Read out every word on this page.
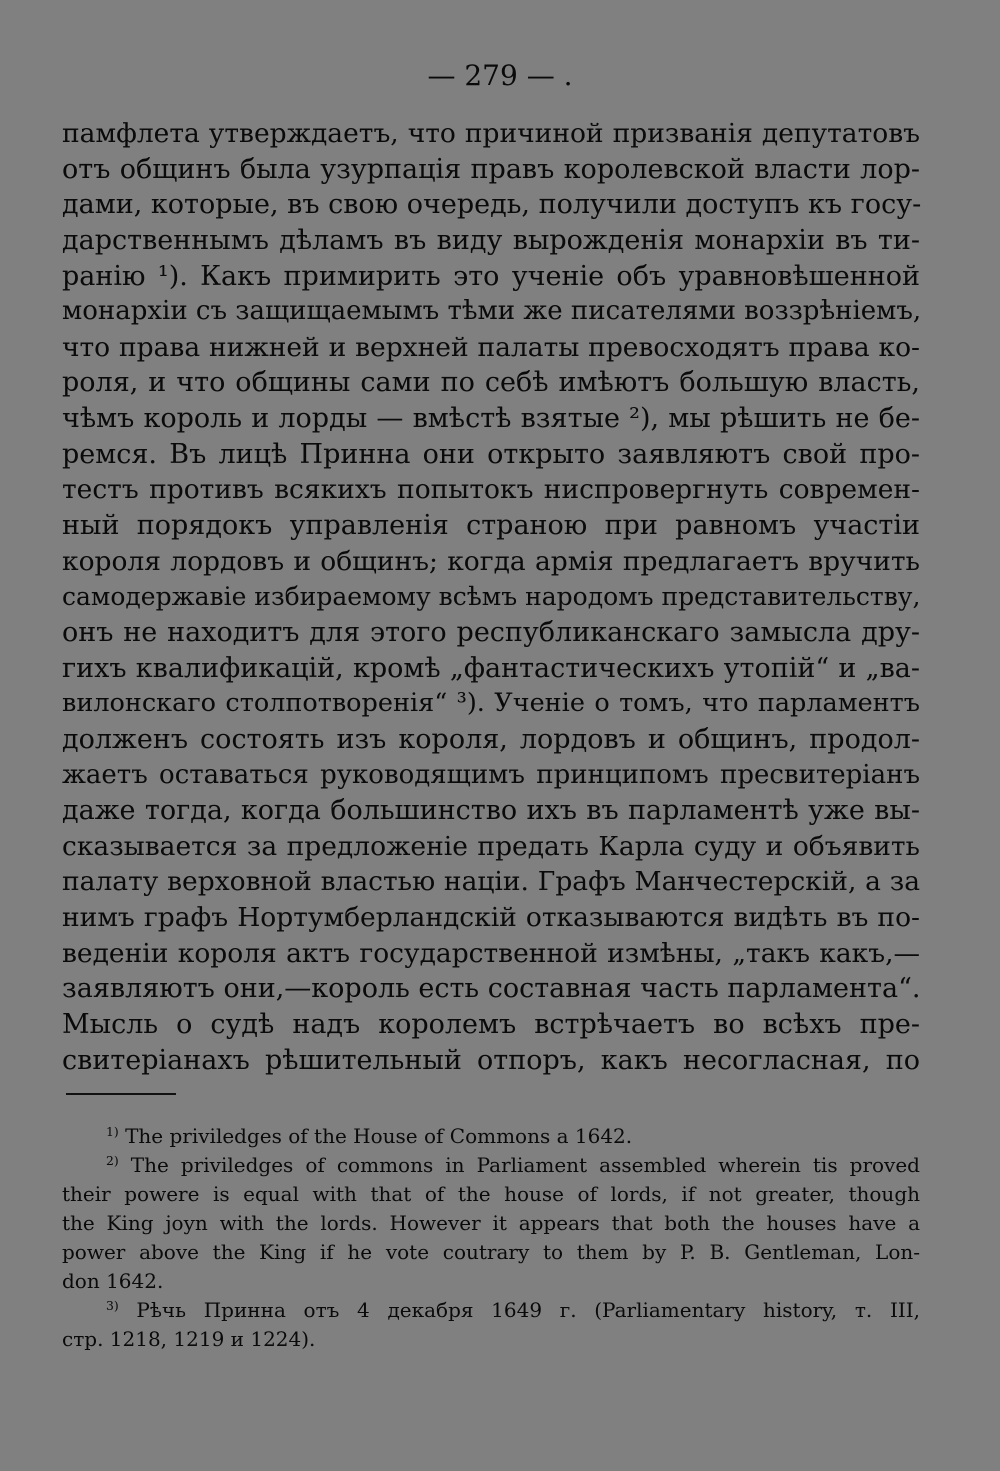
— 279 — .
памфлета утверждаетъ, что причиной призванія депутатовъ
отъ общинъ была узурпація правъ королевской власти лор-
дами, которые, въ свою очередь, получили доступъ къ госу-
дарственнымъ дѣламъ въ виду вырожденія монархіи въ ти-
ранію ¹). Какъ примирить это ученіе объ уравновѣшенной
монархіи съ защищаемымъ тѣми же писателями воззрѣніемъ,
что права нижней и верхней палаты превосходятъ права ко-
роля, и что общины сами по себѣ имѣютъ большую власть,
чѣмъ король и лорды — вмѣстѣ взятые ²), мы рѣшить не бе-
ремся. Въ лицѣ Принна они открыто заявляютъ свой про-
тестъ противъ всякихъ попытокъ ниспровергнуть современ-
ный порядокъ управленія страною при равномъ участіи
короля лордовъ и общинъ; когда армія предлагаетъ вручить
самодержавіе избираемому всѣмъ народомъ представительству,
онъ не находитъ для этого республиканскаго замысла дру-
гихъ квалификацій, кромѣ „фантастическихъ утопій“ и „ва-
вилонскаго столпотворенія“ ³). Ученіе о томъ, что парламентъ
долженъ состоять изъ короля, лордовъ и общинъ, продол-
жаетъ оставаться руководящимъ принципомъ пресвитеріанъ
даже тогда, когда большинство ихъ въ парламентѣ уже вы-
сказывается за предложеніе предать Карла суду и объявить
палату верховной властью націи. Графъ Манчестерскій, а за
нимъ графъ Нортумберландскій отказываются видѣть въ по-
веденіи короля актъ государственной измѣны, „такъ какъ,—
заявляютъ они,—король есть составная часть парламента“.
Мысль о судѣ надъ королемъ встрѣчаетъ во всѣхъ пре-
свитеріанахъ рѣшительный отпоръ, какъ несогласная, по
$^{1)}$ The priviledges of the House of Commons a 1642.
$^{2)}$ The priviledges of commons in Parliament assembled wherein tis proved
their powere is equal with that of the house of lords, if not greater, though
the King joyn with the lords. However it appears that both the houses have a
power above the King if he vote coutrary to them by P. B. Gentleman, Lon-
don 1642.
$^{3)}$ Рѣчь Принна отъ 4 декабря 1649 г. (Parliamentary history, т. III,
стр. 1218, 1219 и 1224).
